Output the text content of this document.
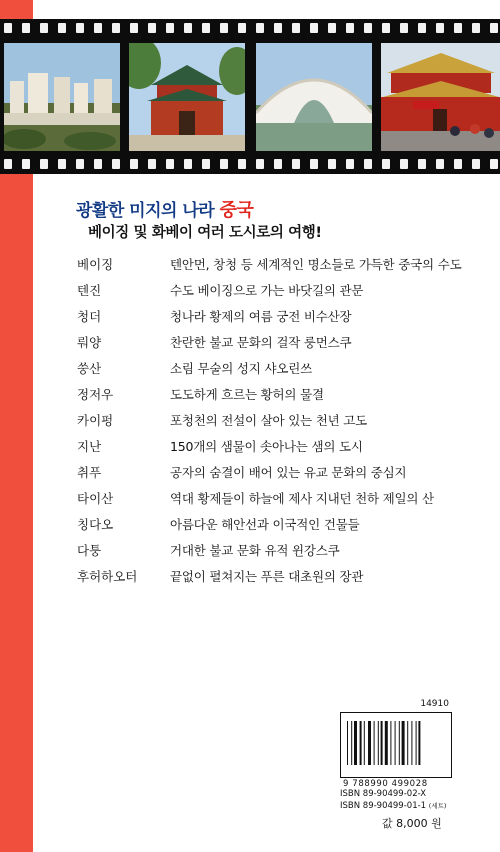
광활한 미지의 나라 중국
베이징 및 화베이 여러 도시로의 여행!
베이징	텐안먼, 창청 등 세계적인 명소들로 가득한 중국의 수도
텐진	수도 베이징으로 가는 바닷길의 관문
청더	청나라 황제의 여름 궁전 비수산장
뤄양	찬란한 불교 문화의 걸작 룽먼스쿠
쑹산	소림 무술의 성지 샤오린쓰
정저우	도도하게 흐르는 황허의 물결
카이펑	포청천의 전설이 살아 있는 천년 고도
지난	150개의 샘물이 솟아나는 샘의 도시
취푸	공자의 숨결이 배어 있는 유교 문화의 중심지
타이산	역대 황제들이 하늘에 제사 지내던 천하 제일의 산
칭다오	아름다운 해안선과 이국적인 건물들
다퉁	거대한 불교 문화 유적 윈강스쿠
후허하오터	끝없이 펼쳐지는 푸른 대초원의 장관
14910
9 788990 499028
ISBN 89-90499-02-X
ISBN 89-90499-01-1 (세트)
값 8,000 원
